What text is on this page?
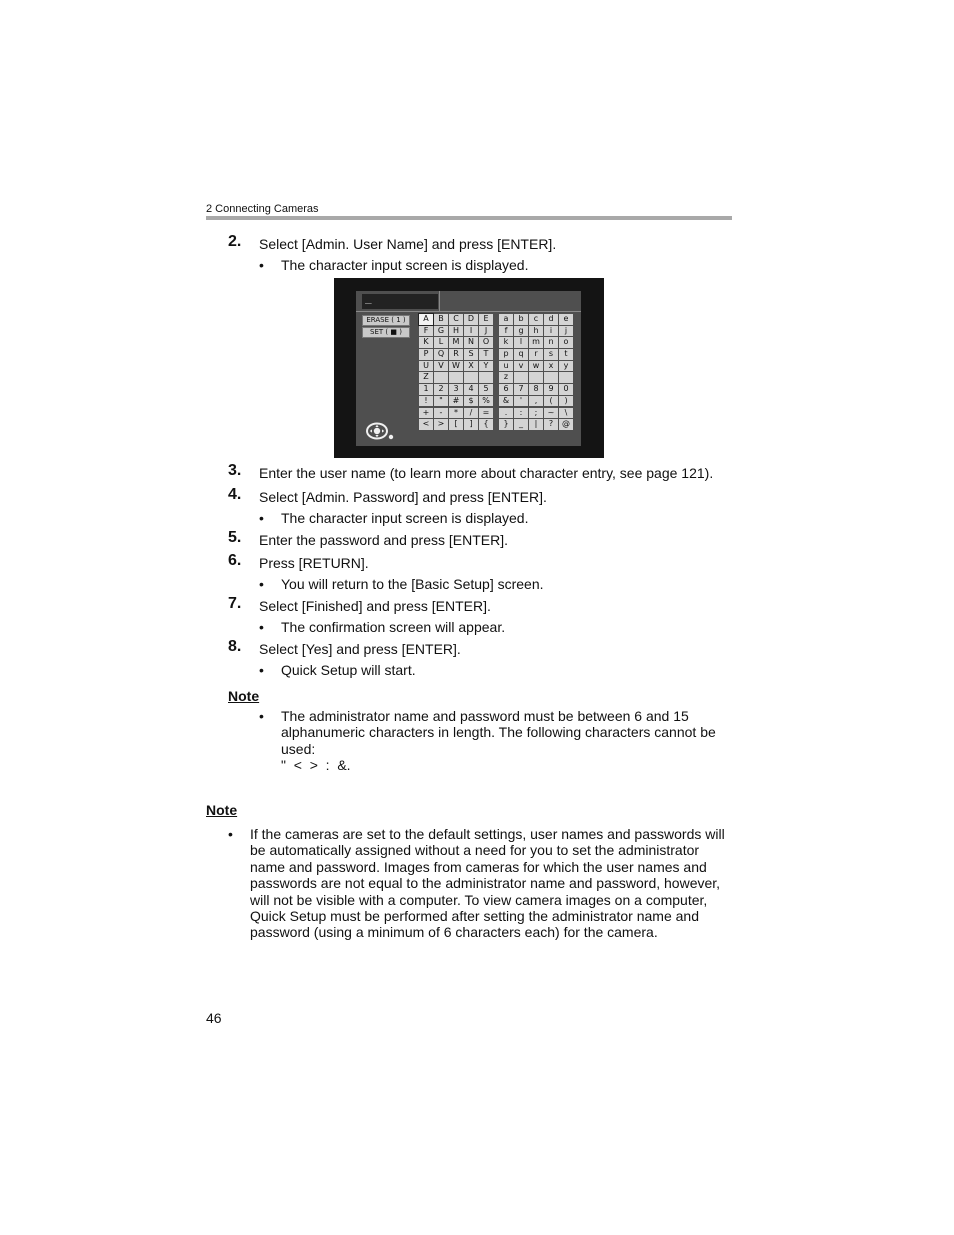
2 Connecting Cameras
2. Select [Admin. User Name] and press [ENTER].
• The character input screen is displayed.
_
ERASE ( 1 )
SET ( ■ )
A	B	C	D	E
F	G	H	I	J
K	L	M	N	O
P	Q	R	S	T
U	V	W	X	Y
Z
1	2	3	4	5
!	"	#	$	%
+	-	*	/	=
<	>	[	]	{
a	b	c	d	e
f	g	h	i	j
k	l	m	n	o
p	q	r	s	t
u	v	w	x	y
z
6	7	8	9	0
&	'	,	(	)
.	:	;	~	\
}	_	|	?	@
3. Enter the user name (to learn more about character entry, see page 121).
4. Select [Admin. Password] and press [ENTER].
• The character input screen is displayed.
5. Enter the password and press [ENTER].
6. Press [RETURN].
• You will return to the [Basic Setup] screen.
7. Select [Finished] and press [ENTER].
• The confirmation screen will appear.
8. Select [Yes] and press [ENTER].
• Quick Setup will start.
Note
• The administrator name and password must be between 6 and 15 alphanumeric characters in length. The following characters cannot be used:
"  <  >  :  &.
Note
• If the cameras are set to the default settings, user names and passwords will be automatically assigned without a need for you to set the administrator name and password. Images from cameras for which the user names and passwords are not equal to the administrator name and password, however, will not be visible with a computer. To view camera images on a computer, Quick Setup must be performed after setting the administrator name and password (using a minimum of 6 characters each) for the camera.
46
